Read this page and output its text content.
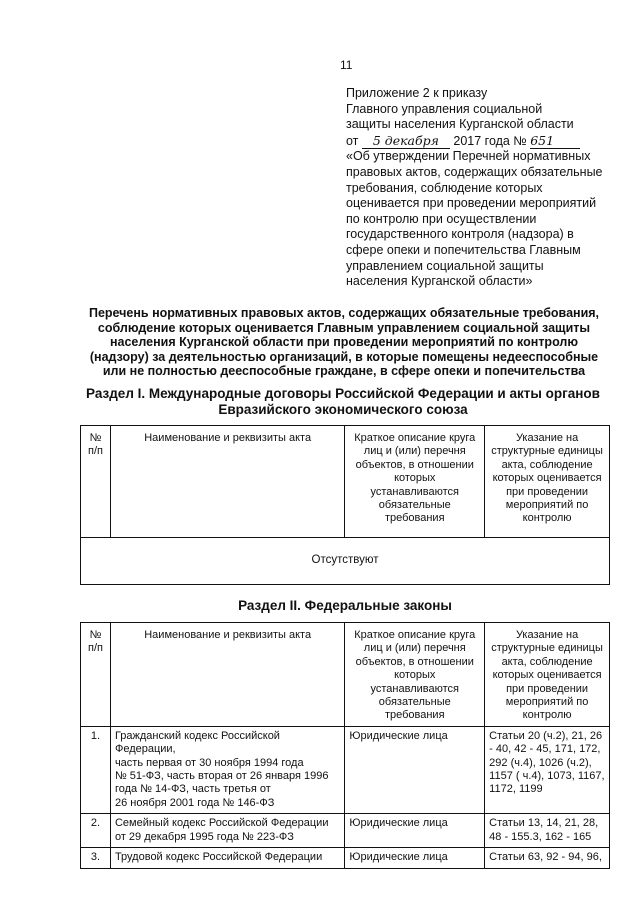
11
Приложение 2 к приказу
Главного управления социальной
защиты населения Курганской области
от 5 декабря 2017 года № 651
«Об утверждении Перечней нормативных
правовых актов, содержащих обязательные
требования, соблюдение которых
оценивается при проведении мероприятий
по контролю при осуществлении
государственного контроля (надзора) в
сфере опеки и попечительства Главным
управлением социальной защиты
населения Курганской области»
Перечень нормативных правовых актов, содержащих обязательные требования,
соблюдение которых оценивается Главным управлением социальной защиты
населения Курганской области при проведении мероприятий по контролю
(надзору) за деятельностью организаций, в которые помещены недееспособные
или не полностью дееспособные граждане, в сфере опеки и попечительства
Раздел I. Международные договоры Российской Федерации и акты органов
Евразийского экономического союза
№
п/п	Наименование и реквизиты акта	Краткое описание круга лиц и (или) перечня объектов, в отношении которых устанавливаются обязательные требования	Указание на структурные единицы акта, соблюдение которых оценивается при проведении мероприятий по контролю
Отсутствуют
Раздел II. Федеральные законы
№
п/п	Наименование и реквизиты акта	Краткое описание круга лиц и (или) перечня объектов, в отношении которых устанавливаются обязательные требования	Указание на структурные единицы акта, соблюдение которых оценивается при проведении мероприятий по контролю
1.	Гражданский кодекс Российской Федерации,
часть первая от 30 ноября 1994 года
№ 51-ФЗ, часть вторая от 26 января 1996
года № 14-ФЗ, часть третья от
26 ноября 2001 года № 146-ФЗ	Юридические лица	Статьи 20 (ч.2), 21, 26
- 40, 42 - 45, 171, 172,
292 (ч.4), 1026 (ч.2),
1157 ( ч.4), 1073, 1167,
1172, 1199
2.	Семейный кодекс Российской Федерации
от 29 декабря 1995 года № 223-ФЗ	Юридические лица	Статьи 13, 14, 21, 28,
48 - 155.3, 162 - 165
3.	Трудовой кодекс Российской Федерации	Юридические лица	Статьи 63, 92 - 94, 96,
